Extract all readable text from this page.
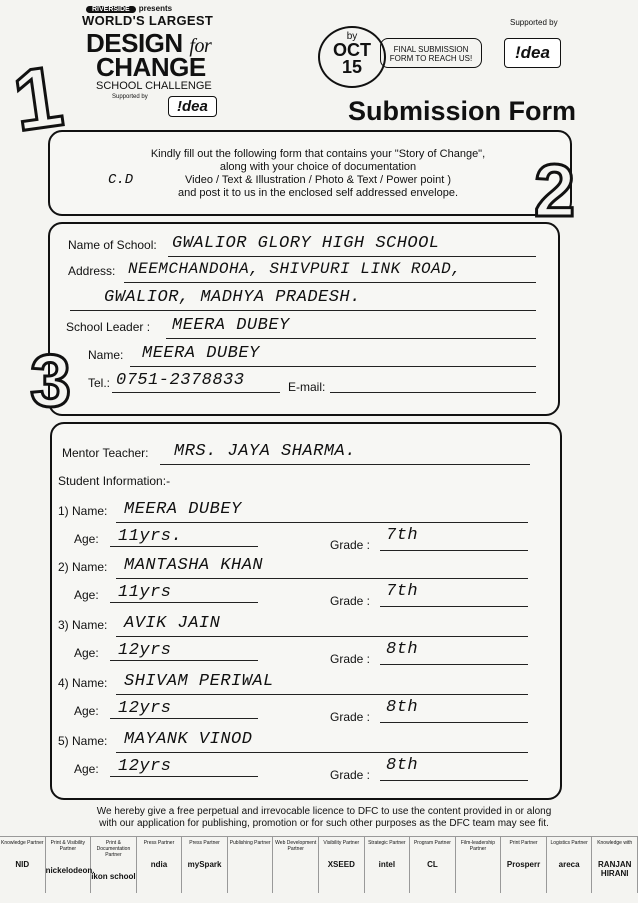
RIVERSIDE presents
WORLD'S LARGEST
DESIGN for
CHANGE
SCHOOL CHALLENGE
Supported by
!dea
Supported by
!dea
by
OCT
15
FINAL SUBMISSION FORM TO REACH US!
Submission Form
1
2
3
Kindly fill out the following form that contains your "Story of Change",
along with your choice of documentation
Video / Text & Illustration / Photo & Text / Power point )
and post it to us in the enclosed self addressed envelope.
C.D
Name of School: GWALIOR GLORY HIGH SCHOOL
Address: NEEMCHANDOHA, SHIVPURI LINK ROAD,
GWALIOR, MADHYA PRADESH.
School Leader : MEERA DUBEY
Name: MEERA DUBEY
Tel.: 0751-2378833	E-mail:
Mentor Teacher: MRS. JAYA SHARMA.
Student Information:-
1) Name: MEERA DUBEY
Age: 11yrs.	Grade : 7th
2) Name: MANTASHA KHAN
Age: 11yrs	Grade : 7th
3) Name: AVIK JAIN
Age: 12yrs	Grade : 8th
4) Name: SHIVAM PERIWAL
Age: 12yrs	Grade : 8th
5) Name: MAYANK VINOD
Age: 12yrs	Grade : 8th
We hereby give a free perpetual and irrevocable licence to DFC to use the content provided in or along
with our application for publishing, promotion or for such other purposes as the DFC team may see fit.
Knowledge Partner
NID
Print & Visibility Partner
nickelodeon.
Print & Documentation Partner
ikon school
Press Partner
ndia
Press Partner
mySpark
Publishing Partner Web Development Partner
Visibility Partner
XSEED
Strategic Partner
intel
Program Partner
CL
Film-leadership Partner
Print Partner
Prosperr
Logistics Partner
areca
Knowledge with
RANJAN HIRANI
